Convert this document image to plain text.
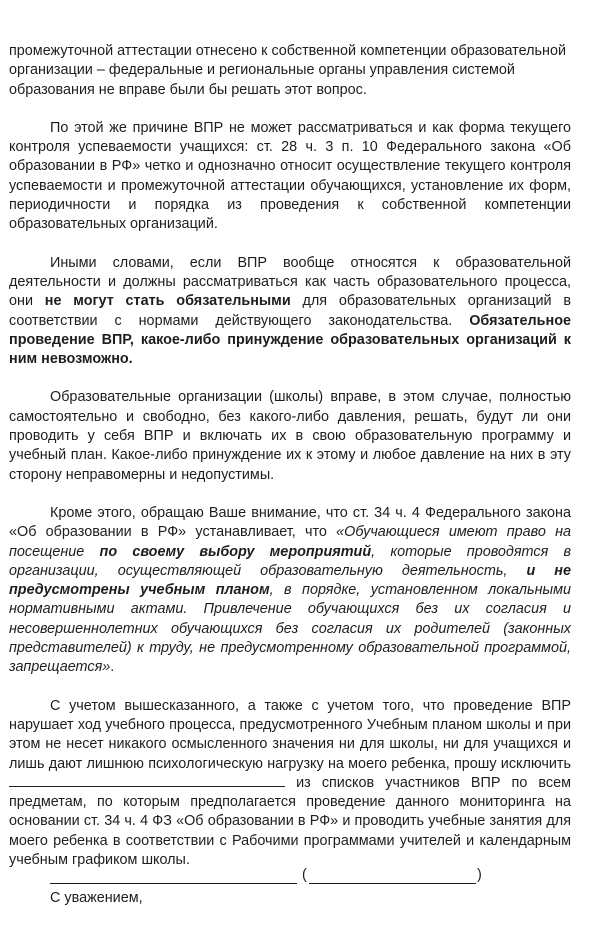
промежуточной аттестации отнесено к собственной компетенции образовательной
организации – федеральные и региональные органы управления системой
образования не вправе были бы решать этот вопрос.

По этой же причине ВПР не может рассматриваться и как форма текущего контроля успеваемости учащихся: ст. 28 ч. 3 п. 10 Федерального закона «Об образовании в РФ» четко и однозначно относит осуществление текущего контроля успеваемости и промежуточной аттестации обучающихся, установление их форм, периодичности и порядка из проведения к собственной компетенции образовательных организаций.

Иными словами, если ВПР вообще относятся к образовательной деятельности и должны рассматриваться как часть образовательного процесса, они не могут стать обязательными для образовательных организаций в соответствии с нормами действующего законодательства. Обязательное проведение ВПР, какое-либо принуждение образовательных организаций к ним невозможно.

Образовательные организации (школы) вправе, в этом случае, полностью самостоятельно и свободно, без какого-либо давления, решать, будут ли они проводить у себя ВПР и включать их в свою образовательную программу и учебный план. Какое-либо принуждение их к этому и любое давление на них в эту сторону неправомерны и недопустимы.

Кроме этого, обращаю Ваше внимание, что ст. 34 ч. 4 Федерального закона «Об образовании в РФ» устанавливает, что «Обучающиеся имеют право на посещение по своему выбору мероприятий, которые проводятся в организации, осуществляющей образовательную деятельность, и не предусмотрены учебным планом, в порядке, установленном локальными нормативными актами. Привлечение обучающихся без их согласия и несовершеннолетних обучающихся без согласия их родителей (законных представителей) к труду, не предусмотренному образовательной программой, запрещается».

С учетом вышесказанного, а также с учетом того, что проведение ВПР нарушает ход учебного процесса, предусмотренного Учебным планом школы и при этом не несет никакого осмысленного значения ни для школы, ни для учащихся и лишь дают лишнюю психологическую нагрузку на моего ребенка, прошу исключить  из списков участников ВПР по всем предметам, по которым предполагается проведение данного мониторинга на основании ст. 34 ч. 4 ФЗ «Об образовании в РФ» и проводить учебные занятия для моего ребенка в соответствии с Рабочими программами учителей и календарным учебным графиком школы.

С уважением,

(	)
